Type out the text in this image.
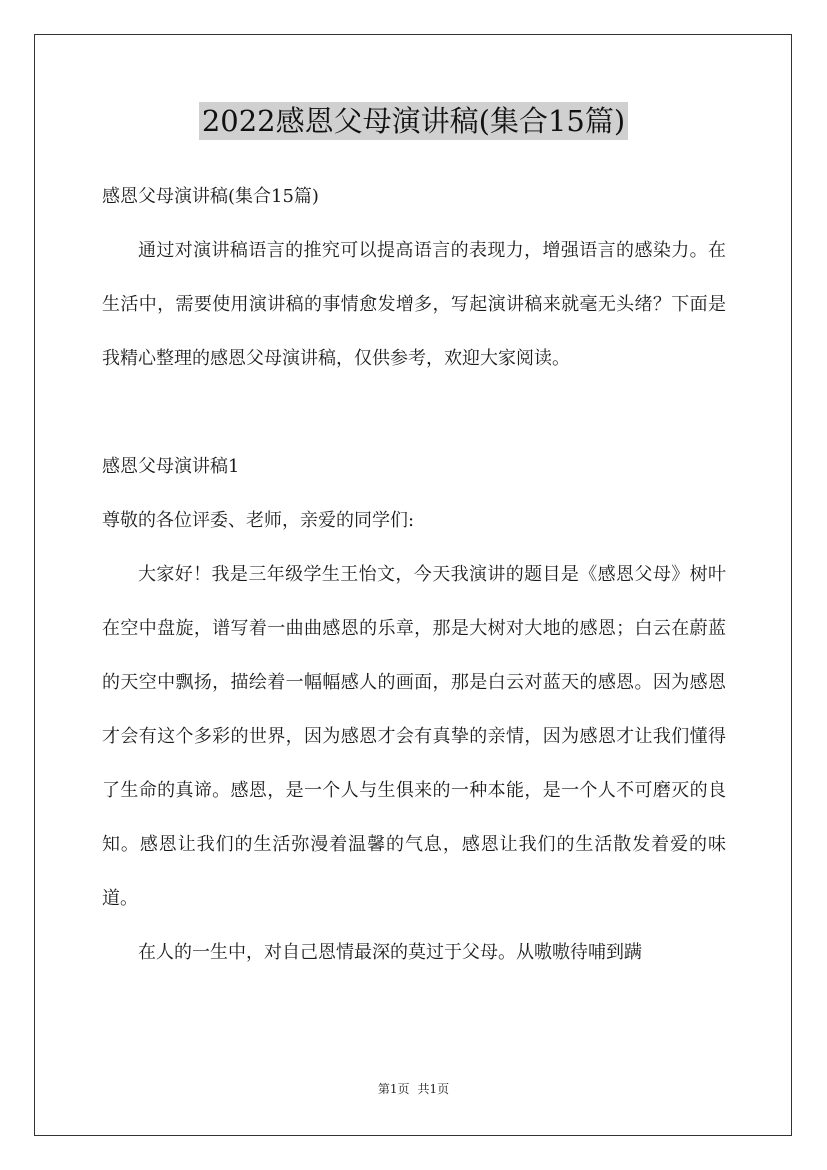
2022感恩父母演讲稿(集合15篇)

感恩父母演讲稿(集合15篇)

通过对演讲稿语言的推究可以提高语言的表现力，增强语言的感染力。在生活中，需要使用演讲稿的事情愈发增多，写起演讲稿来就毫无头绪？下面是我精心整理的感恩父母演讲稿，仅供参考，欢迎大家阅读。

感恩父母演讲稿1

尊敬的各位评委、老师，亲爱的同学们:

大家好！我是三年级学生王怡文，今天我演讲的题目是《感恩父母》树叶在空中盘旋，谱写着一曲曲感恩的乐章，那是大树对大地的感恩；白云在蔚蓝的天空中飘扬，描绘着一幅幅感人的画面，那是白云对蓝天的感恩。因为感恩才会有这个多彩的世界，因为感恩才会有真挚的亲情，因为感恩才让我们懂得了生命的真谛。感恩，是一个人与生俱来的一种本能，是一个人不可磨灭的良知。感恩让我们的生活弥漫着温馨的气息，感恩让我们的生活散发着爱的味道。

在人的一生中，对自己恩情最深的莫过于父母。从嗷嗷待哺到蹒

第1页 共1页
